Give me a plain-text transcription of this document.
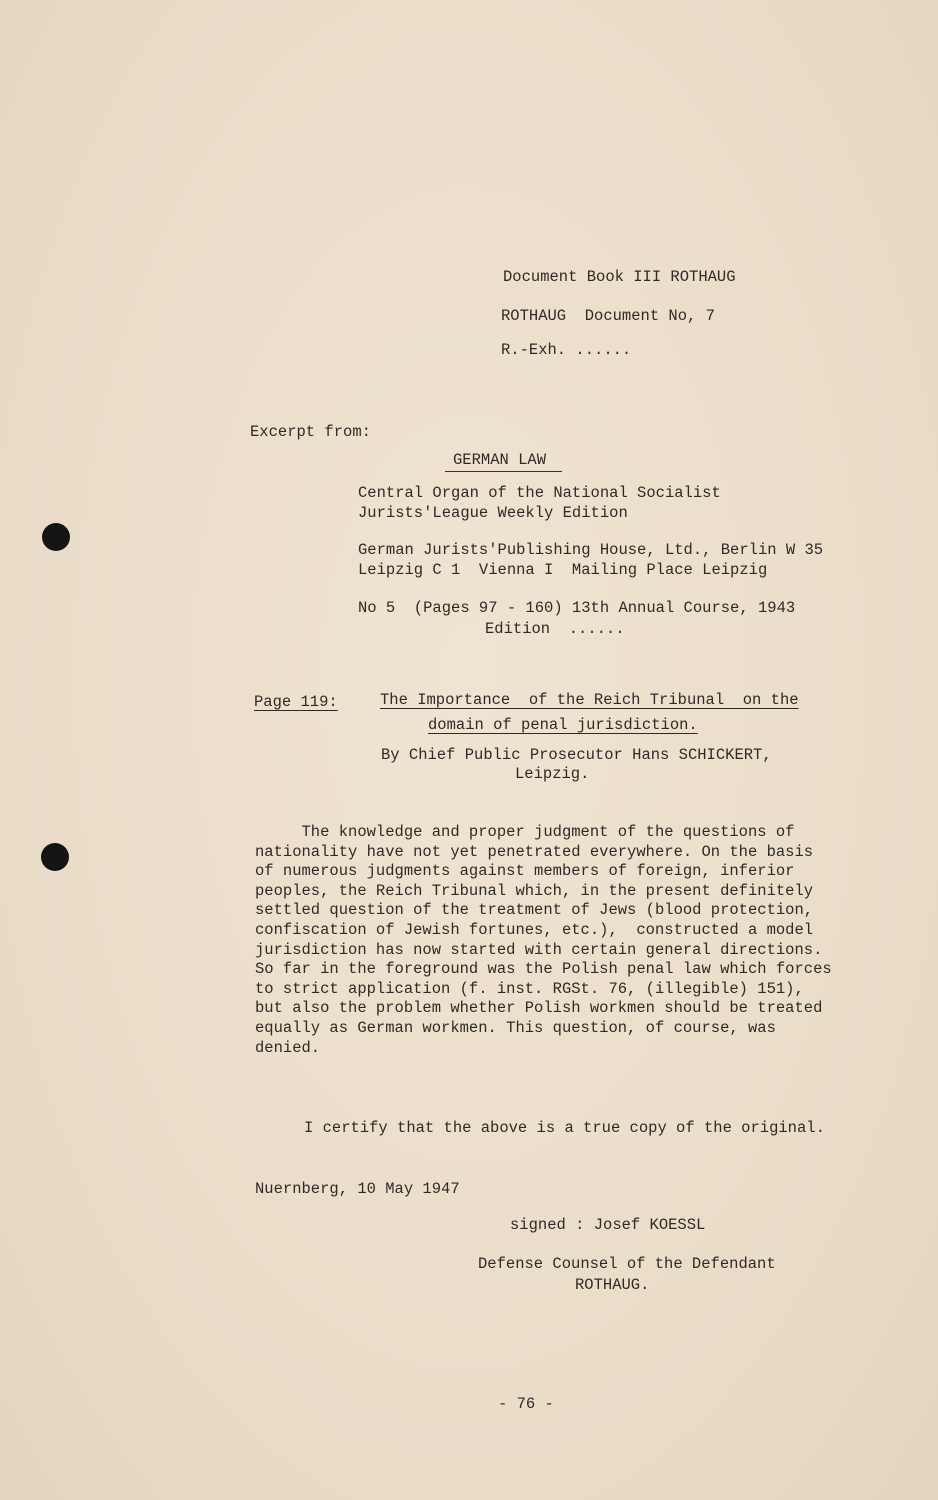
Document Book III ROTHAUG
ROTHAUG  Document No, 7
R.-Exh. ......
Excerpt from:
GERMAN LAW
Central Organ of the National Socialist
Jurists'League Weekly Edition
German Jurists'Publishing House, Ltd., Berlin W 35
Leipzig C 1  Vienna I  Mailing Place Leipzig
No 5  (Pages 97 - 160) 13th Annual Course, 1943
Edition  ......
Page 119:	The Importance  of the Reich Tribunal  on the
domain of penal jurisdiction.
By Chief Public Prosecutor Hans SCHICKERT,
Leipzig.
The knowledge and proper judgment of the questions of
nationality have not yet penetrated everywhere. On the basis
of numerous judgments against members of foreign, inferior
peoples, the Reich Tribunal which, in the present definitely
settled question of the treatment of Jews (blood protection,
confiscation of Jewish fortunes, etc.),  constructed a model
jurisdiction has now started with certain general directions.
So far in the foreground was the Polish penal law which forces
to strict application (f. inst. RGSt. 76, (illegible) 151),
but also the problem whether Polish workmen should be treated
equally as German workmen. This question, of course, was
denied.
I certify that the above is a true copy of the original.
Nuernberg, 10 May 1947
signed : Josef KOESSL
Defense Counsel of the Defendant
ROTHAUG.
- 76 -
